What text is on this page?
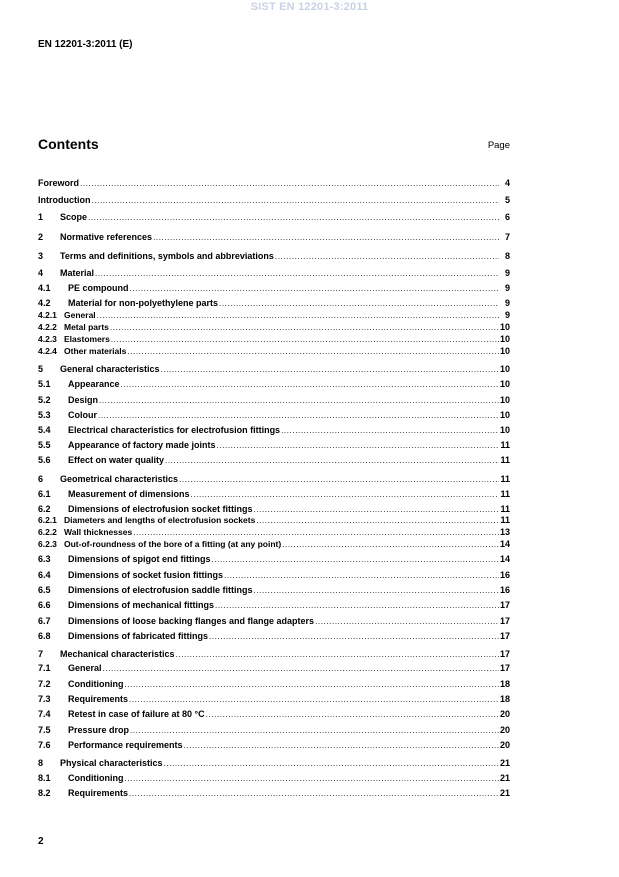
SIST EN 12201-3:2011
EN 12201-3:2011 (E)
Contents	Page
Foreword .....	4
Introduction .....	5
1	Scope .....	6
2	Normative references .....	7
3	Terms and definitions, symbols and abbreviations .....	8
4	Material .....	9
4.1	PE compound .....	9
4.2	Material for non-polyethylene parts .....	9
4.2.1 General .....	9
4.2.2 Metal parts .....	10
4.2.3 Elastomers .....	10
4.2.4 Other materials .....	10
5	General characteristics .....	10
5.1	Appearance .....	10
5.2	Design .....	10
5.3	Colour .....	10
5.4	Electrical characteristics for electrofusion fittings .....	10
5.5	Appearance of factory made joints .....	11
5.6	Effect on water quality .....	11
6	Geometrical characteristics .....	11
6.1	Measurement of dimensions .....	11
6.2	Dimensions of electrofusion socket fittings .....	11
6.2.1 Diameters and lengths of electrofusion sockets .....	11
6.2.2 Wall thicknesses .....	13
6.2.3 Out-of-roundness of the bore of a fitting (at any point) .....	14
6.3	Dimensions of spigot end fittings .....	14
6.4	Dimensions of socket fusion fittings .....	16
6.5	Dimensions of electrofusion saddle fittings .....	16
6.6	Dimensions of mechanical fittings .....	17
6.7	Dimensions of loose backing flanges and flange adapters .....	17
6.8	Dimensions of fabricated fittings .....	17
7	Mechanical characteristics .....	17
7.1	General .....	17
7.2	Conditioning .....	18
7.3	Requirements .....	18
7.4	Retest in case of failure at 80 °C .....	20
7.5	Pressure drop .....	20
7.6	Performance requirements .....	20
8	Physical characteristics .....	21
8.1	Conditioning .....	21
8.2	Requirements .....	21
2
